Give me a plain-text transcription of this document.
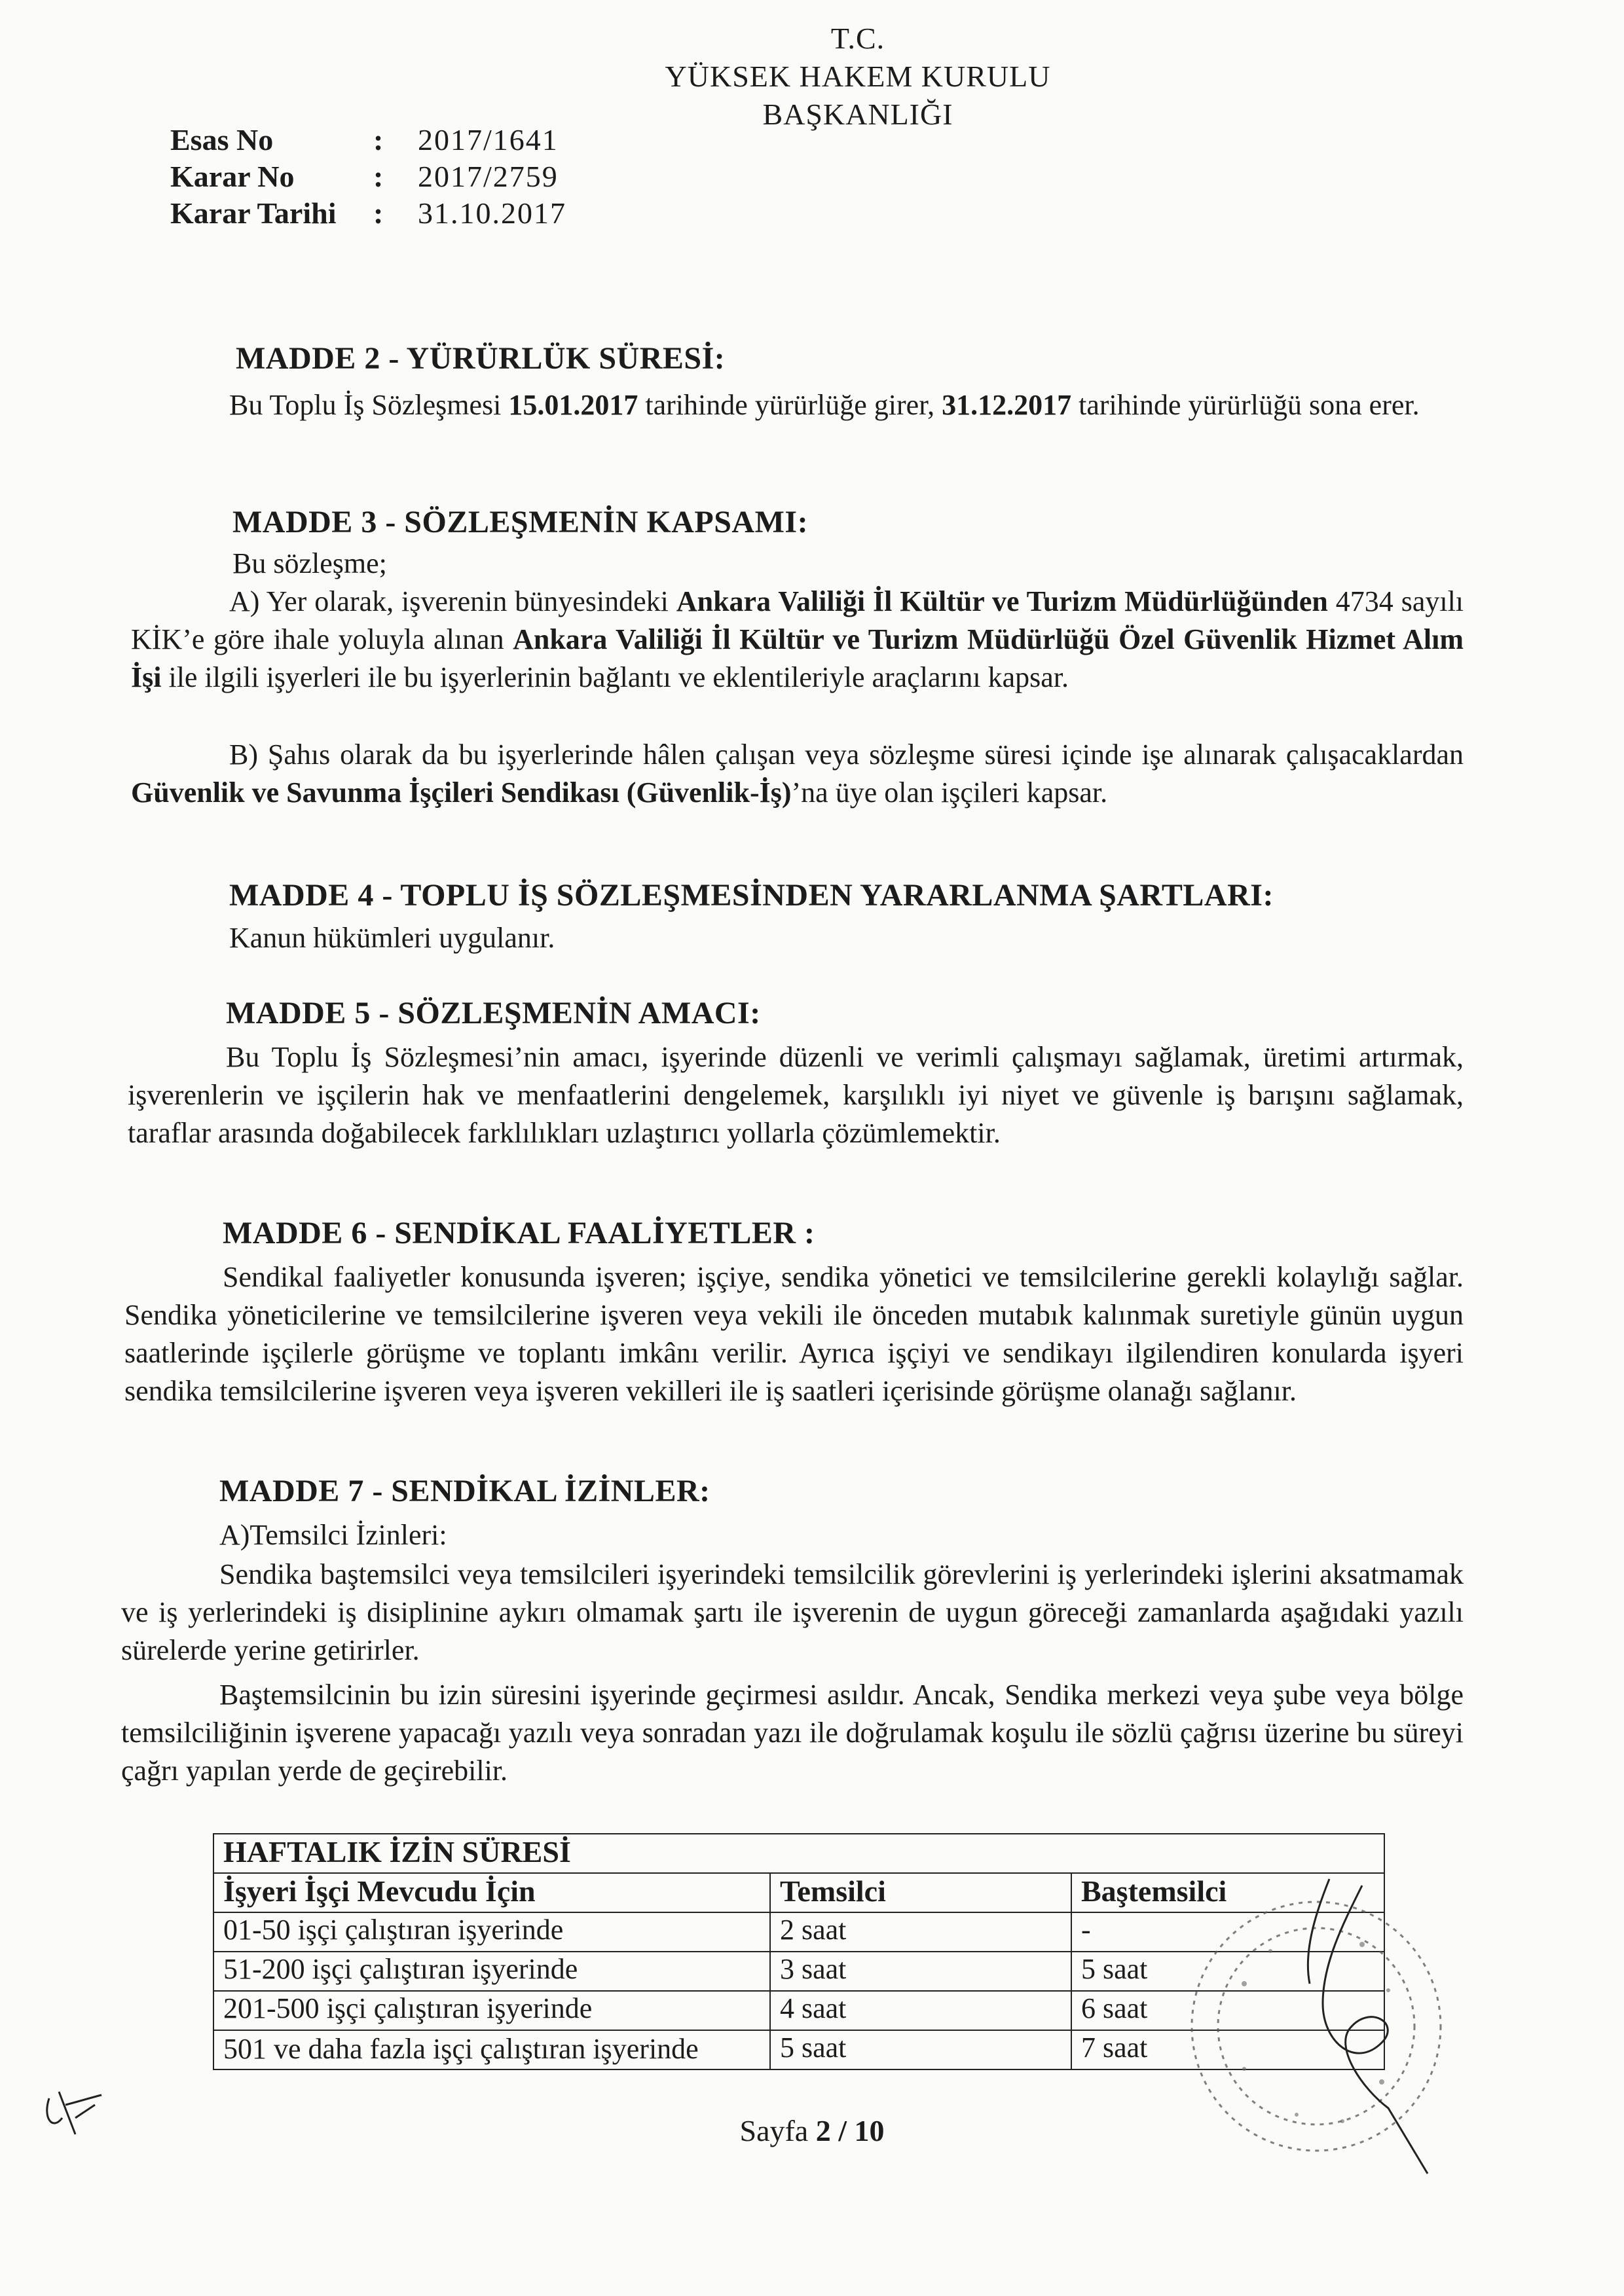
T.C.
YÜKSEK HAKEM KURULU
BAŞKANLIĞI
Esas No	:	2017/1641
Karar No	:	2017/2759
Karar Tarihi	:	31.10.2017
MADDE 2 - YÜRÜRLÜK SÜRESİ:
Bu Toplu İş Sözleşmesi 15.01.2017 tarihinde yürürlüğe girer, 31.12.2017 tarihinde yürürlüğü sona erer.
MADDE 3 - SÖZLEŞMENİN KAPSAMI:
Bu sözleşme;
A) Yer olarak, işverenin bünyesindeki Ankara Valiliği İl Kültür ve Turizm Müdürlüğünden 4734 sayılı KİK’e göre ihale yoluyla alınan Ankara Valiliği İl Kültür ve Turizm Müdürlüğü Özel Güvenlik Hizmet Alım İşi ile ilgili işyerleri ile bu işyerlerinin bağlantı ve eklentileriyle araçlarını kapsar.
B) Şahıs olarak da bu işyerlerinde hâlen çalışan veya sözleşme süresi içinde işe alınarak çalışacaklardan Güvenlik ve Savunma İşçileri Sendikası (Güvenlik-İş)’na üye olan işçileri kapsar.
MADDE 4 - TOPLU İŞ SÖZLEŞMESİNDEN YARARLANMA ŞARTLARI:
Kanun hükümleri uygulanır.
MADDE 5 - SÖZLEŞMENİN AMACI:
Bu Toplu İş Sözleşmesi’nin amacı, işyerinde düzenli ve verimli çalışmayı sağlamak, üretimi artırmak, işverenlerin ve işçilerin hak ve menfaatlerini dengelemek, karşılıklı iyi niyet ve güvenle iş barışını sağlamak, taraflar arasında doğabilecek farklılıkları uzlaştırıcı yollarla çözümlemektir.
MADDE 6 - SENDİKAL FAALİYETLER :
Sendikal faaliyetler konusunda işveren; işçiye, sendika yönetici ve temsilcilerine gerekli kolaylığı sağlar. Sendika yöneticilerine ve temsilcilerine işveren veya vekili ile önceden mutabık kalınmak suretiyle günün uygun saatlerinde işçilerle görüşme ve toplantı imkânı verilir. Ayrıca işçiyi ve sendikayı ilgilendiren konularda işyeri sendika temsilcilerine işveren veya işveren vekilleri ile iş saatleri içerisinde görüşme olanağı sağlanır.
MADDE 7 - SENDİKAL İZİNLER:
A)Temsilci İzinleri:
Sendika baştemsilci veya temsilcileri işyerindeki temsilcilik görevlerini iş yerlerindeki işlerini aksatmamak ve iş yerlerindeki iş disiplinine aykırı olmamak şartı ile işverenin de uygun göreceği zamanlarda aşağıdaki yazılı sürelerde yerine getirirler.
Baştemsilcinin bu izin süresini işyerinde geçirmesi asıldır. Ancak, Sendika merkezi veya şube veya bölge temsilciliğinin işverene yapacağı yazılı veya sonradan yazı ile doğrulamak koşulu ile sözlü çağrısı üzerine bu süreyi çağrı yapılan yerde de geçirebilir.
HAFTALIK İZİN SÜRESİ		
İşyeri İşçi Mevcudu İçin	Temsilci	Baştemsilci
01-50 işçi çalıştıran işyerinde	2 saat	-
51-200 işçi çalıştıran işyerinde	3 saat	5 saat
201-500 işçi çalıştıran işyerinde	4 saat	6 saat
501 ve daha fazla işçi çalıştıran işyerinde	5 saat	7 saat
Sayfa 2 / 10
